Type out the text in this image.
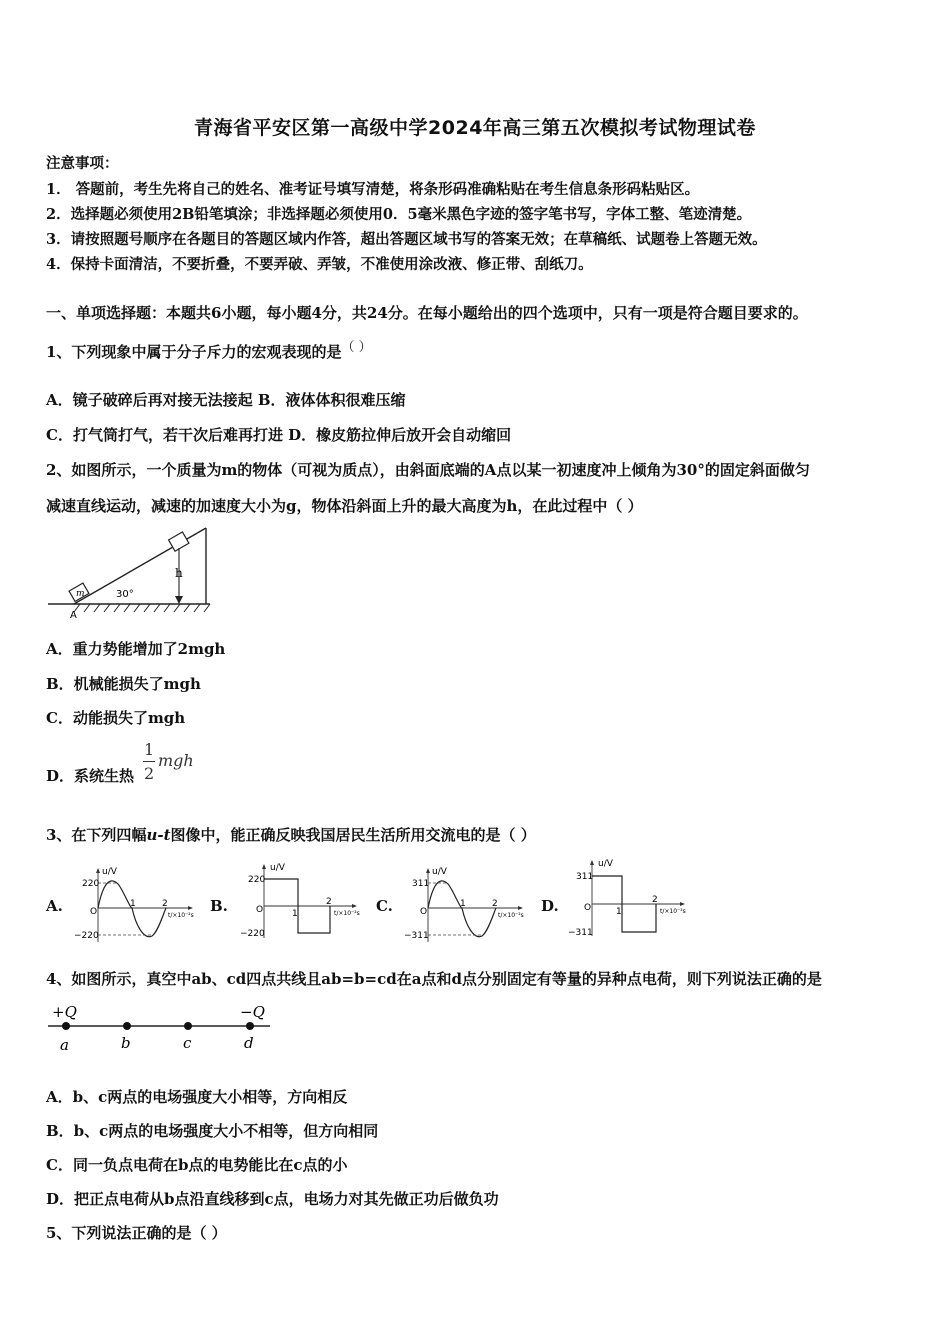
青海省平安区第一高级中学2024年高三第五次模拟考试物理试卷
注意事项：
1． 答题前，考生先将自己的姓名、准考证号填写清楚，将条形码准确粘贴在考生信息条形码粘贴区。
2．选择题必须使用2B铅笔填涂；非选择题必须使用0．5毫米黑色字迹的签字笔书写，字体工整、笔迹清楚。
3．请按照题号顺序在各题目的答题区域内作答，超出答题区域书写的答案无效；在草稿纸、试题卷上答题无效。
4．保持卡面清洁，不要折叠，不要弄破、弄皱，不准使用涂改液、修正带、刮纸刀。
一、单项选择题：本题共6小题，每小题4分，共24分。在每小题给出的四个选项中，只有一项是符合题目要求的。
1、下列现象中属于分子斥力的宏观表现的是（ ）
A．镜子破碎后再对接无法接起 B．液体体积很难压缩
C．打气筒打气，若干次后难再打进 D．橡皮筋拉伸后放开会自动缩回
2、如图所示，一个质量为m的物体（可视为质点），由斜面底端的A点以某一初速度冲上倾角为30°的固定斜面做匀
减速直线运动，减速的加速度大小为g，物体沿斜面上升的最大高度为h，在此过程中（ ）
m
h
30°
A
A．重力势能增加了2mgh
B．机械能损失了mgh
C．动能损失了mgh
D．系统生热
1
2
mgh
3、在下列四幅u-t图像中，能正确反映我国居民生活所用交流电的是（ ）
A.
u/V
220
−220
O
1	2
t/×10⁻²s
B.
u/V
220
−220
O	1
2
t/×10⁻²s C.
u/V
311
−311
O
1	2
t/×10⁻²s
D.
u/V
311
−311
O	1
2
t/×10⁻²s
4、如图所示，真空中ab、cd四点共线且ab=b=cd在a点和d点分别固定有等量的异种点电荷，则下列说法正确的是
+Q	−Q
a	b	c	d
A．b、c两点的电场强度大小相等，方向相反
B．b、c两点的电场强度大小不相等，但方向相同
C．同一负点电荷在b点的电势能比在c点的小
D．把正点电荷从b点沿直线移到c点，电场力对其先做正功后做负功
5、下列说法正确的是（ ）
